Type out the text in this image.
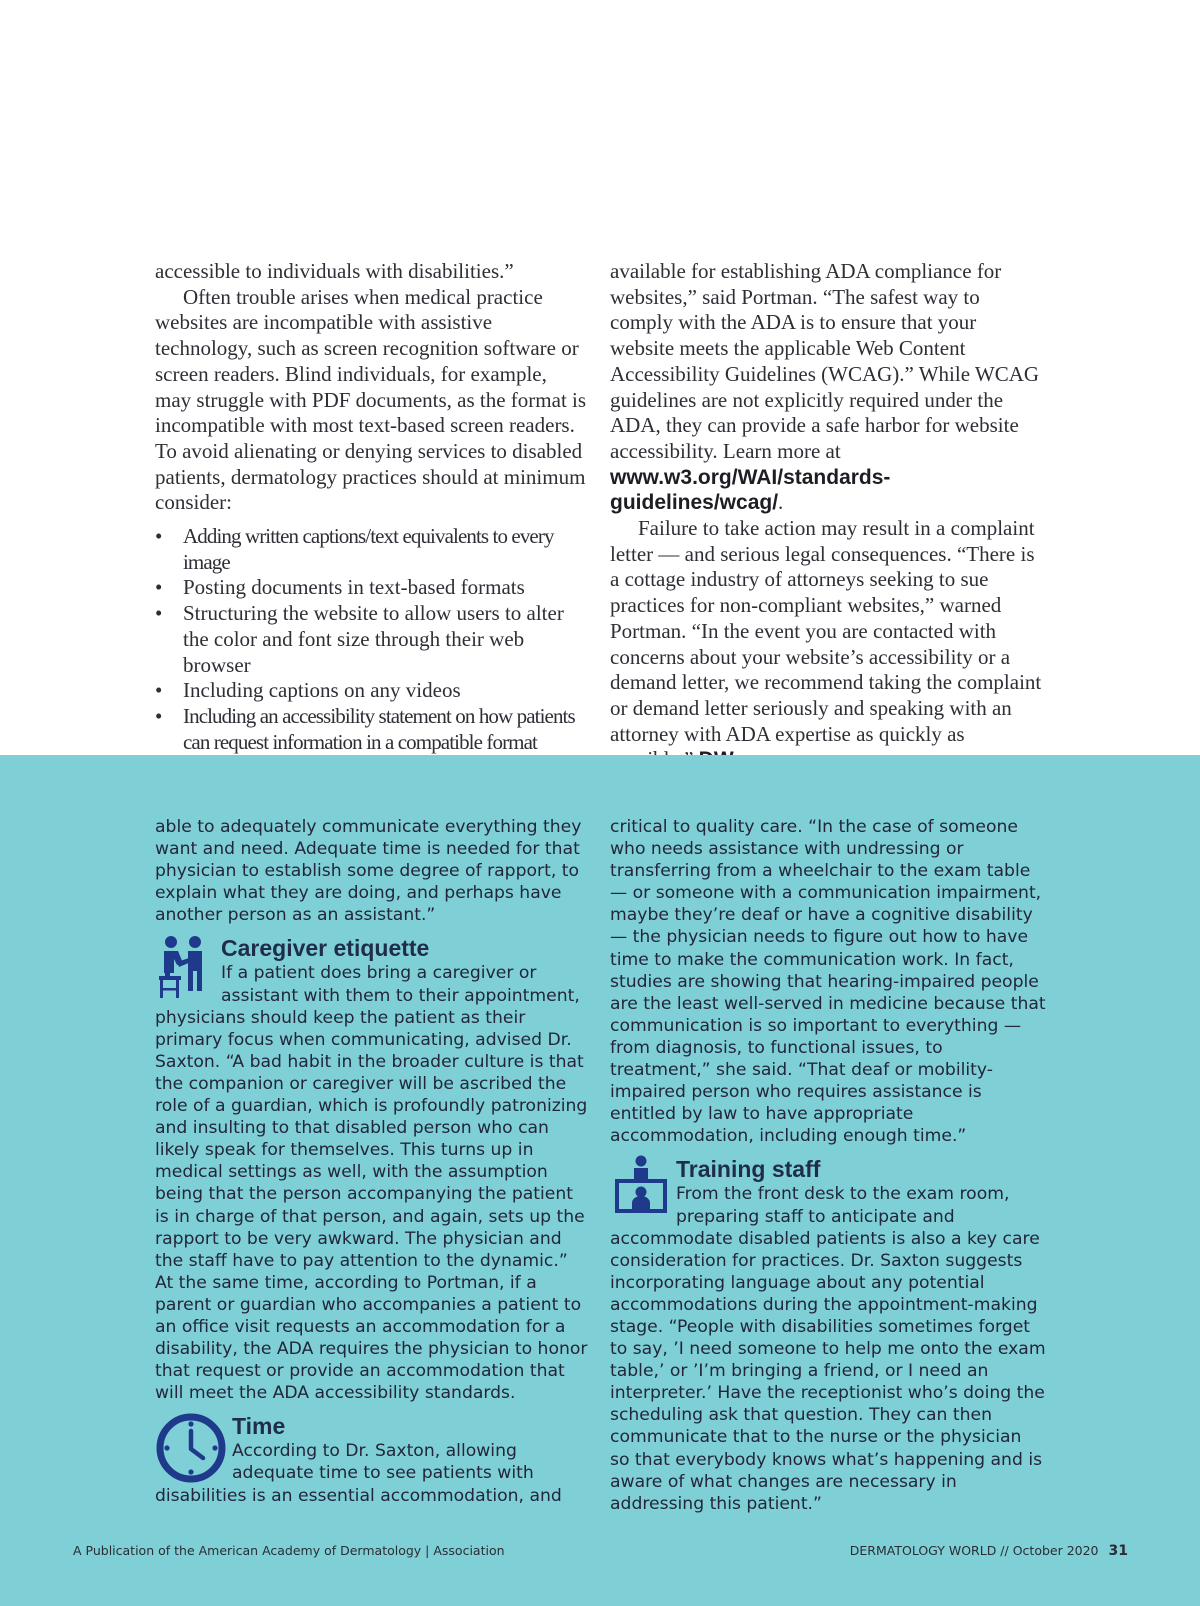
accessible to individuals with disabilities.”

Often trouble arises when medical practice websites are incompatible with assistive technology, such as screen recognition software or screen readers. Blind individuals, for example, may struggle with PDF documents, as the format is incompatible with most text-based screen readers. To avoid alienating or denying services to disabled patients, dermatology practices should at minimum consider:

• Adding written captions/text equivalents to every image
• Posting documents in text-based formats
• Structuring the website to allow users to alter the color and font size through their web browser
• Including captions on any videos
• Including an accessibility statement on how patients can request information in a compatible format

available for establishing ADA compliance for websites,” said Portman. “The safest way to comply with the ADA is to ensure that your website meets the applicable Web Content Accessibility Guidelines (WCAG).” While WCAG guidelines are not explicitly required under the ADA, they can provide a safe harbor for website accessibility. Learn more at www.w3.org/WAI/standards-guidelines/wcag/.

Failure to take action may result in a complaint letter — and serious legal consequences. “There is a cottage industry of attorneys seeking to sue practices for non-compliant websites,” warned Portman. “In the event you are contacted with concerns about your website’s accessibility or a demand letter, we recommend taking the complaint or demand letter seriously and speaking with an attorney with ADA expertise as quickly as

able to adequately communicate everything they want and need. Adequate time is needed for that physician to establish some degree of rapport, to explain what they are doing, and perhaps have another person as an assistant.”

Caregiver etiquette

If a patient does bring a caregiver or assistant with them to their appointment, physicians should keep the patient as their primary focus when communicating, advised Dr. Saxton. “A bad habit in the broader culture is that the companion or caregiver will be ascribed the role of a guardian, which is profoundly patronizing and insulting to that disabled person who can likely speak for themselves. This turns up in medical settings as well, with the assumption being that the person accompanying the patient is in charge of that person, and again, sets up the rapport to be very awkward. The physician and the staff have to pay attention to the dynamic.” At the same time, according to Portman, if a parent or guardian who accompanies a patient to an office visit requests an accommodation for a disability, the ADA requires the physician to honor that request or provide an accommodation that will meet the ADA accessibility standards.

Time

According to Dr. Saxton, allowing adequate time to see patients with disabilities is an essential accommodation, and

critical to quality care. “In the case of someone who needs assistance with undressing or transferring from a wheelchair to the exam table — or someone with a communication impairment, maybe they’re deaf or have a cognitive disability — the physician needs to figure out how to have time to make the communication work. In fact, studies are showing that hearing-impaired people are the least well-served in medicine because that communication is so important to everything — from diagnosis, to functional issues, to treatment,” she said. “That deaf or mobility-impaired person who requires assistance is entitled by law to have appropriate accommodation, including enough time.”

Training staff

From the front desk to the exam room, preparing staff to anticipate and accommodate disabled patients is also a key care consideration for practices. Dr. Saxton suggests incorporating language about any potential accommodations during the appointment-making stage. “People with disabilities sometimes forget to say, ’I need someone to help me onto the exam table,’ or ’I’m bringing a friend, or I need an interpreter.’ Have the receptionist who’s doing the scheduling ask that question. They can then communicate that to the nurse or the physician so that everybody knows what’s happening and is aware of what changes are necessary in addressing this patient.”

A Publication of the American Academy of Dermatology | Association	DERMATOLOGY WORLD // October 2020 31
